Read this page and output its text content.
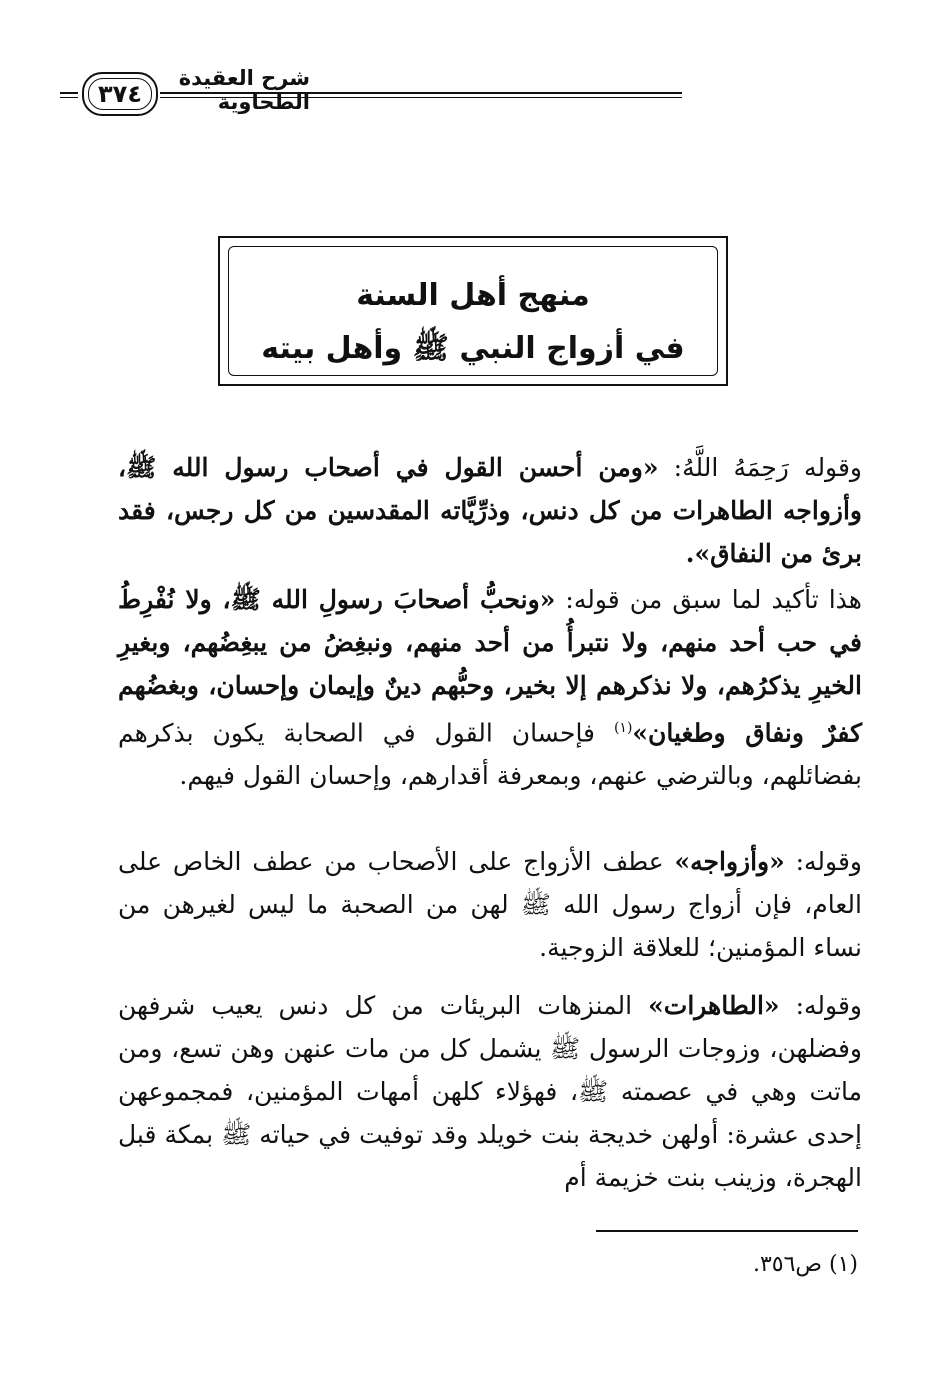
شرح العقيدة الطحاوية
٣٧٤
منهج أهل السنة
في أزواج النبي ﷺ وأهل بيته
وقوله رَحِمَهُ اللَّهُ: «ومن أحسن القول في أصحاب رسول الله ﷺ، وأزواجه الطاهرات من كل دنس، وذرِّيَّاته المقدسين من كل رجس، فقد برئ من النفاق».
هذا تأكيد لما سبق من قوله: «ونحبُّ أصحابَ رسولِ الله ﷺ، ولا نُفْرِطُ في حب أحد منهم، ولا نتبرأُ من أحد منهم، ونبغِضُ من يبغِضُهم، وبغيرِ الخيرِ يذكرُهم، ولا نذكرهم إلا بخير، وحبُّهم دينٌ وإيمان وإحسان، وبغضُهم كفرٌ ونفاق وطغيان»$^{(١)}$ فإحسان القول في الصحابة يكون بذكرهم بفضائلهم، وبالترضي عنهم، وبمعرفة أقدارهم، وإحسان القول فيهم.
وقوله: «وأزواجه» عطف الأزواج على الأصحاب من عطف الخاص على العام، فإن أزواج رسول الله ﷺ لهن من الصحبة ما ليس لغيرهن من نساء المؤمنين؛ للعلاقة الزوجية.
وقوله: «الطاهرات» المنزهات البريئات من كل دنس يعيب شرفهن وفضلهن، وزوجات الرسول ﷺ يشمل كل من مات عنهن وهن تسع، ومن ماتت وهي في عصمته ﷺ، فهؤلاء كلهن أمهات المؤمنين، فمجموعهن إحدى عشرة: أولهن خديجة بنت خويلد وقد توفيت في حياته ﷺ بمكة قبل الهجرة، وزينب بنت خزيمة أم
(١) ص٣٥٦.
